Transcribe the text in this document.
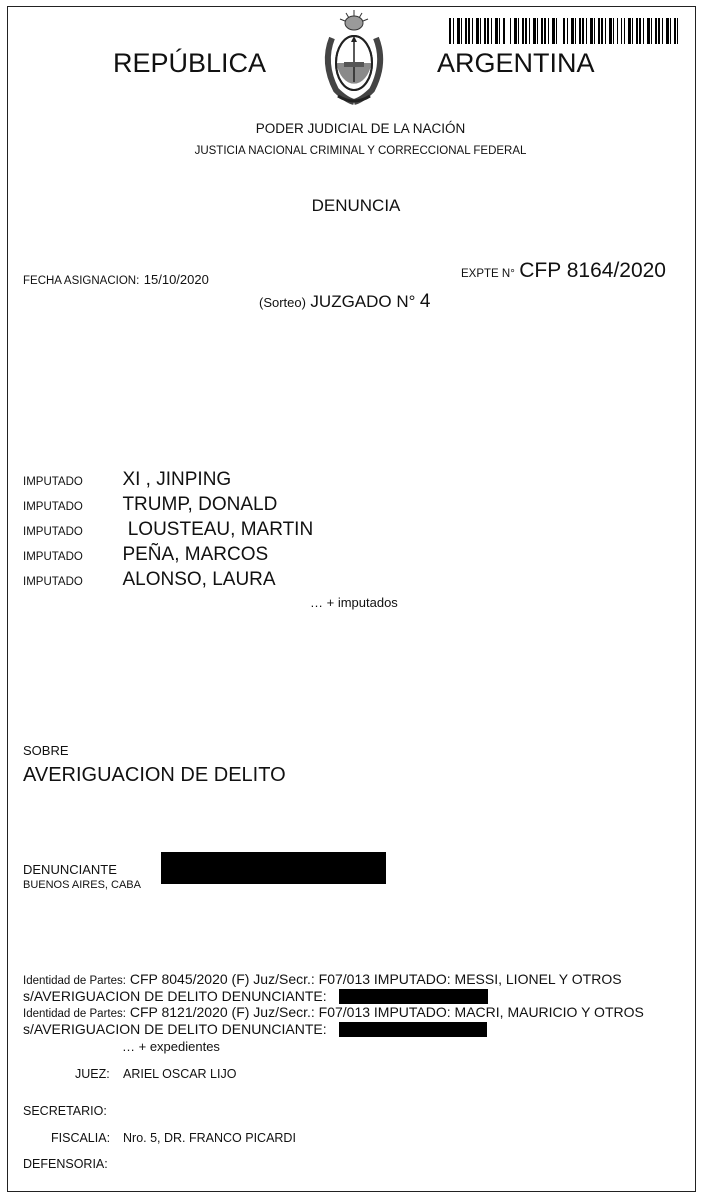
REPÚBLICA	ARGENTINA
PODER JUDICIAL DE LA NACIÓN
JUSTICIA NACIONAL CRIMINAL Y CORRECCIONAL FEDERAL
DENUNCIA
FECHA ASIGNACION: 15/10/2020	EXPTE N° CFP 8164/2020
(Sorteo) JUZGADO N° 4
IMPUTADO XI , JINPING
IMPUTADO TRUMP, DONALD
IMPUTADO  LOUSTEAU, MARTIN
IMPUTADO PEÑA, MARCOS
IMPUTADO ALONSO, LAURA
… + imputados
SOBRE
AVERIGUACION DE DELITO
DENUNCIANTE
BUENOS AIRES, CABA
Identidad de Partes: CFP 8045/2020 (F) Juz/Secr.: F07/013 IMPUTADO: MESSI, LIONEL Y OTROS
s/AVERIGUACION DE DELITO DENUNCIANTE:
Identidad de Partes: CFP 8121/2020 (F) Juz/Secr.: F07/013 IMPUTADO: MACRI, MAURICIO Y OTROS
s/AVERIGUACION DE DELITO DENUNCIANTE:
… + expedientes
JUEZ: ARIEL OSCAR LIJO
SECRETARIO:
FISCALIA: Nro. 5, DR. FRANCO PICARDI
DEFENSORIA:
